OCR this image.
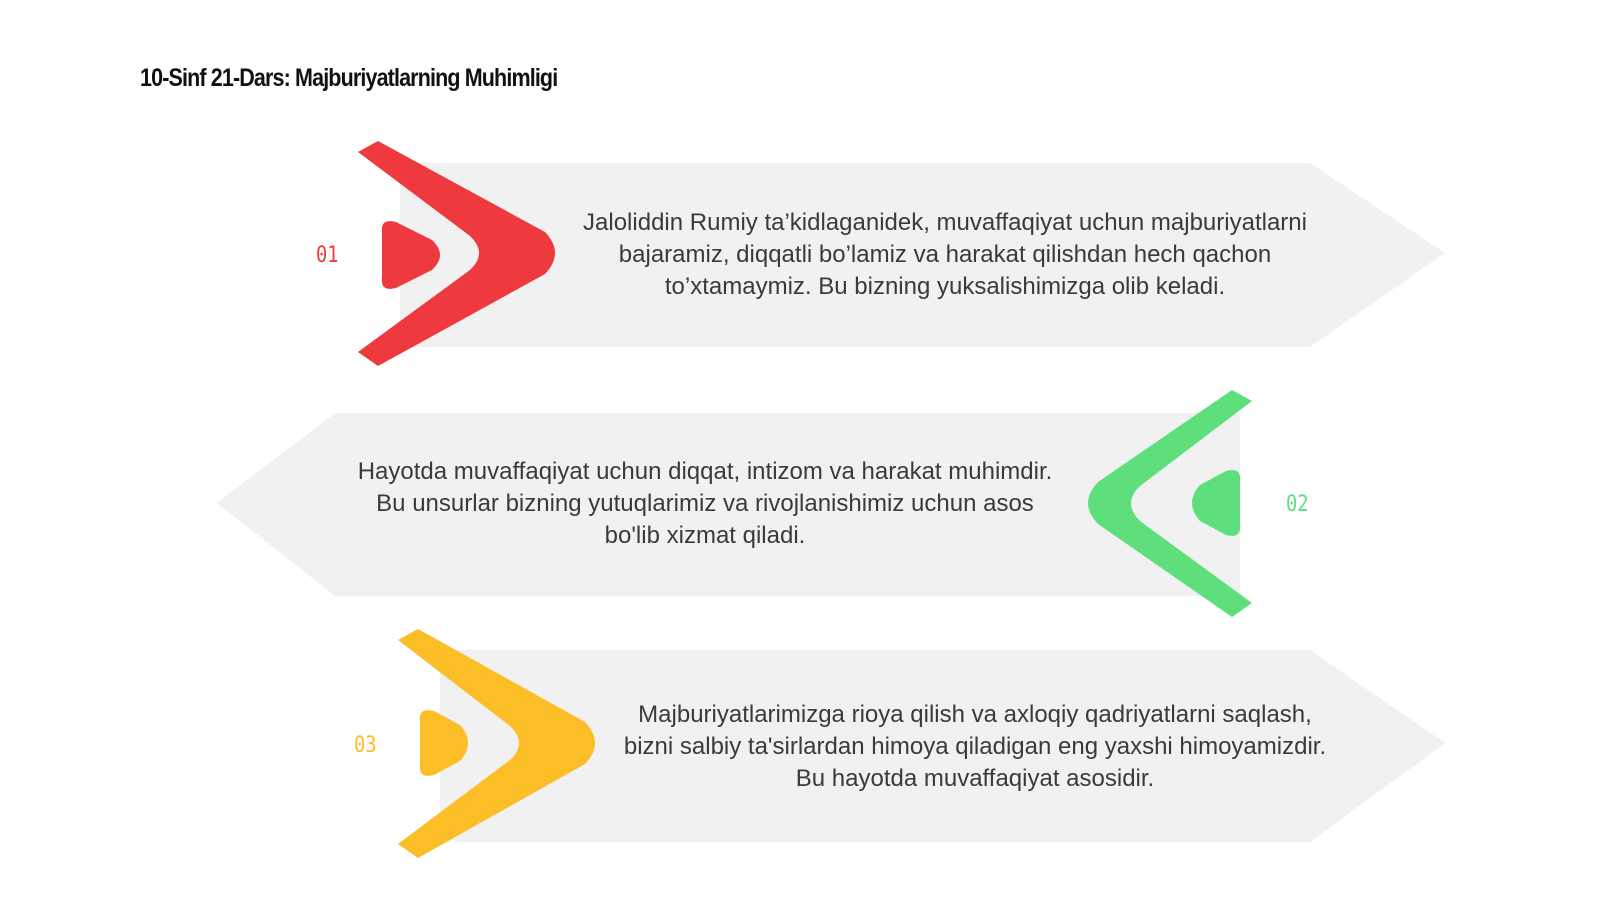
10-Sinf 21-Dars: Majburiyatlarning Muhimligi
01
02
03

Jaloliddin Rumiy ta’kidlaganidek, muvaffaqiyat uchun majburiyatlarni
bajaramiz, diqqatli bo’lamiz va harakat qilishdan hech qachon
to’xtamaymiz. Bu bizning yuksalishimizga olib keladi.

Hayotda muvaffaqiyat uchun diqqat, intizom va harakat muhimdir.
Bu unsurlar bizning yutuqlarimiz va rivojlanishimiz uchun asos
bo'lib xizmat qiladi.

Majburiyatlarimizga rioya qilish va axloqiy qadriyatlarni saqlash,
bizni salbiy ta'sirlardan himoya qiladigan eng yaxshi himoyamizdir.
Bu hayotda muvaffaqiyat asosidir.
